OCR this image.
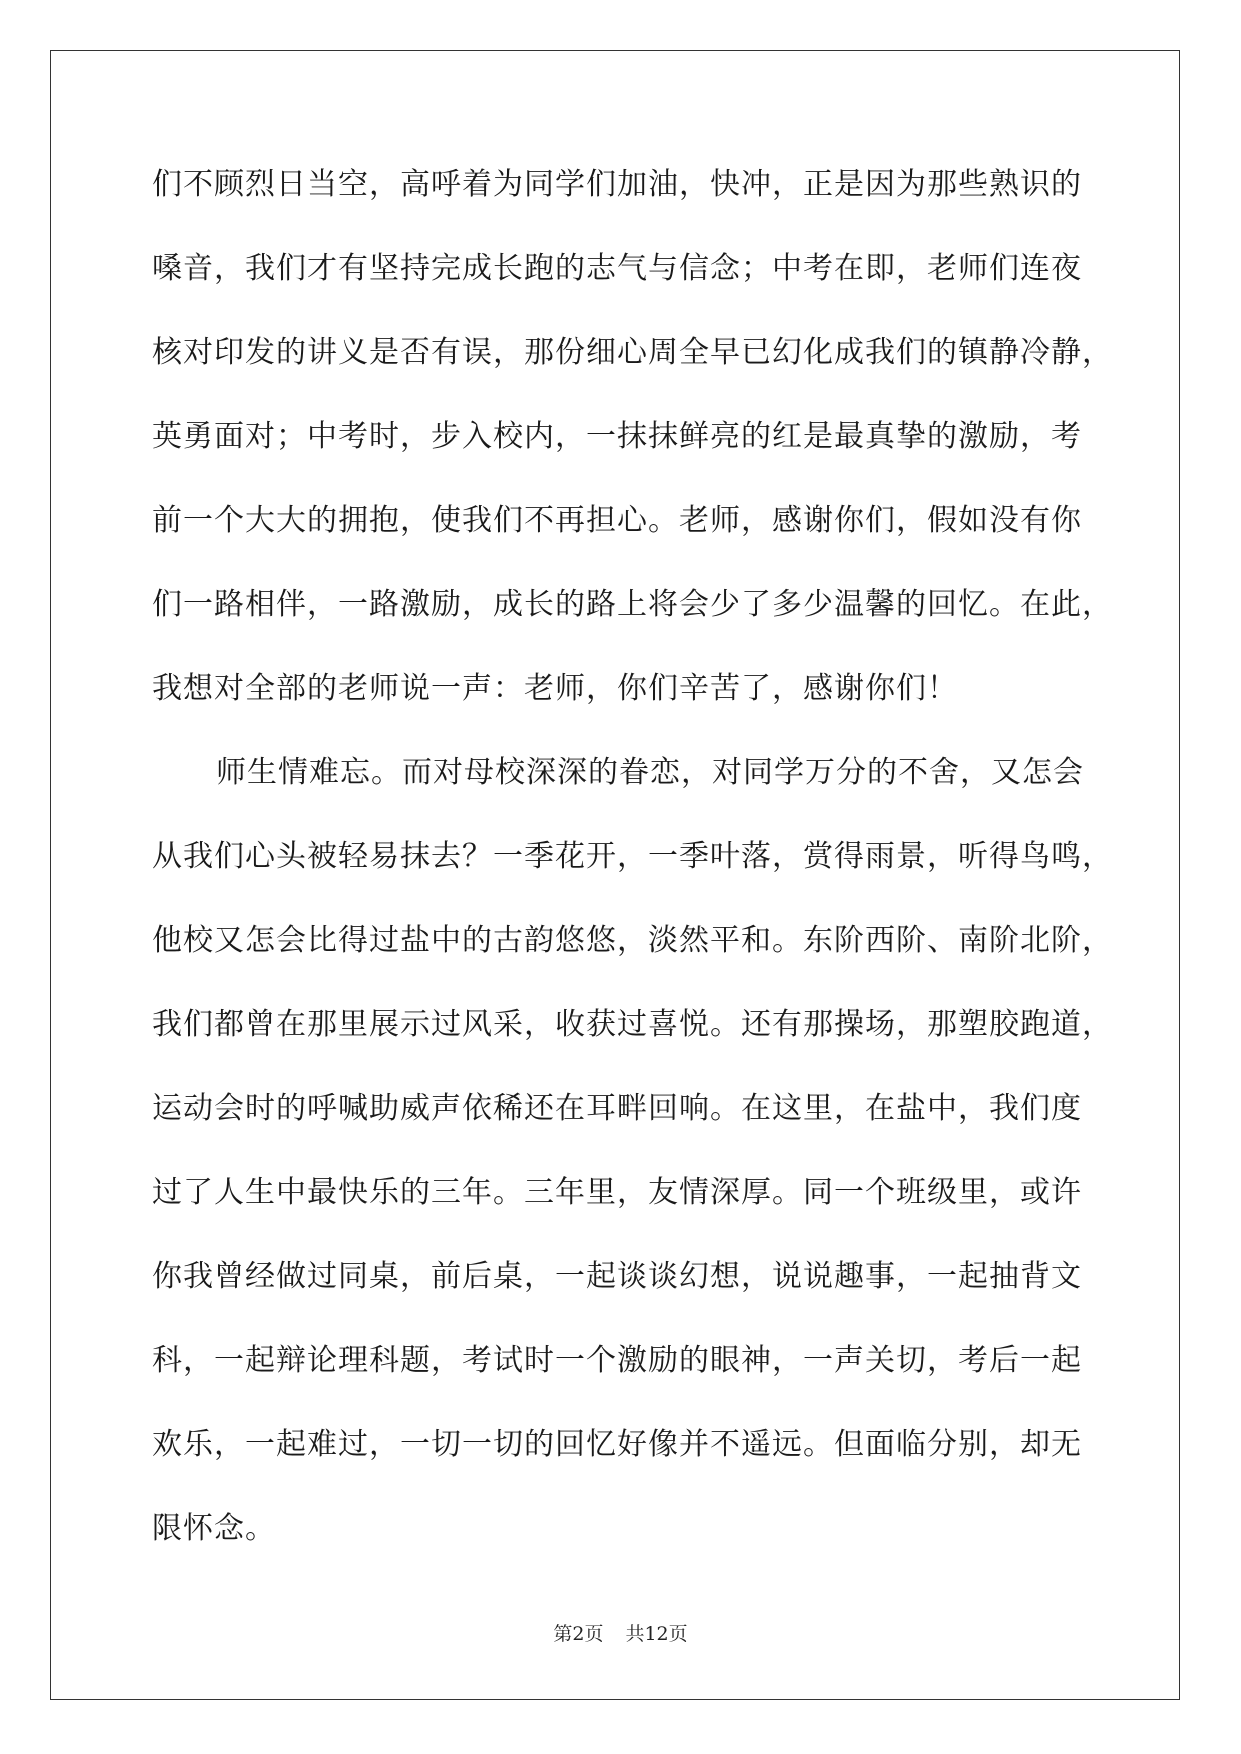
们不顾烈日当空，高呼着为同学们加油，快冲，正是因为那些熟识的
嗓音，我们才有坚持完成长跑的志气与信念；中考在即，老师们连夜
核对印发的讲义是否有误，那份细心周全早已幻化成我们的镇静冷静，
英勇面对；中考时，步入校内，一抹抹鲜亮的红是最真挚的激励，考
前一个大大的拥抱，使我们不再担心。老师，感谢你们，假如没有你
们一路相伴，一路激励，成长的路上将会少了多少温馨的回忆。在此，
我想对全部的老师说一声：老师，你们辛苦了，感谢你们！
师生情难忘。而对母校深深的眷恋，对同学万分的不舍，又怎会
从我们心头被轻易抹去？一季花开，一季叶落，赏得雨景，听得鸟鸣，
他校又怎会比得过盐中的古韵悠悠，淡然平和。东阶西阶、南阶北阶，
我们都曾在那里展示过风采，收获过喜悦。还有那操场，那塑胶跑道，
运动会时的呼喊助威声依稀还在耳畔回响。在这里，在盐中，我们度
过了人生中最快乐的三年。三年里，友情深厚。同一个班级里，或许
你我曾经做过同桌，前后桌，一起谈谈幻想，说说趣事，一起抽背文
科，一起辩论理科题，考试时一个激励的眼神，一声关切，考后一起
欢乐，一起难过，一切一切的回忆好像并不遥远。但面临分别，却无
限怀念。
第2页 共12页
